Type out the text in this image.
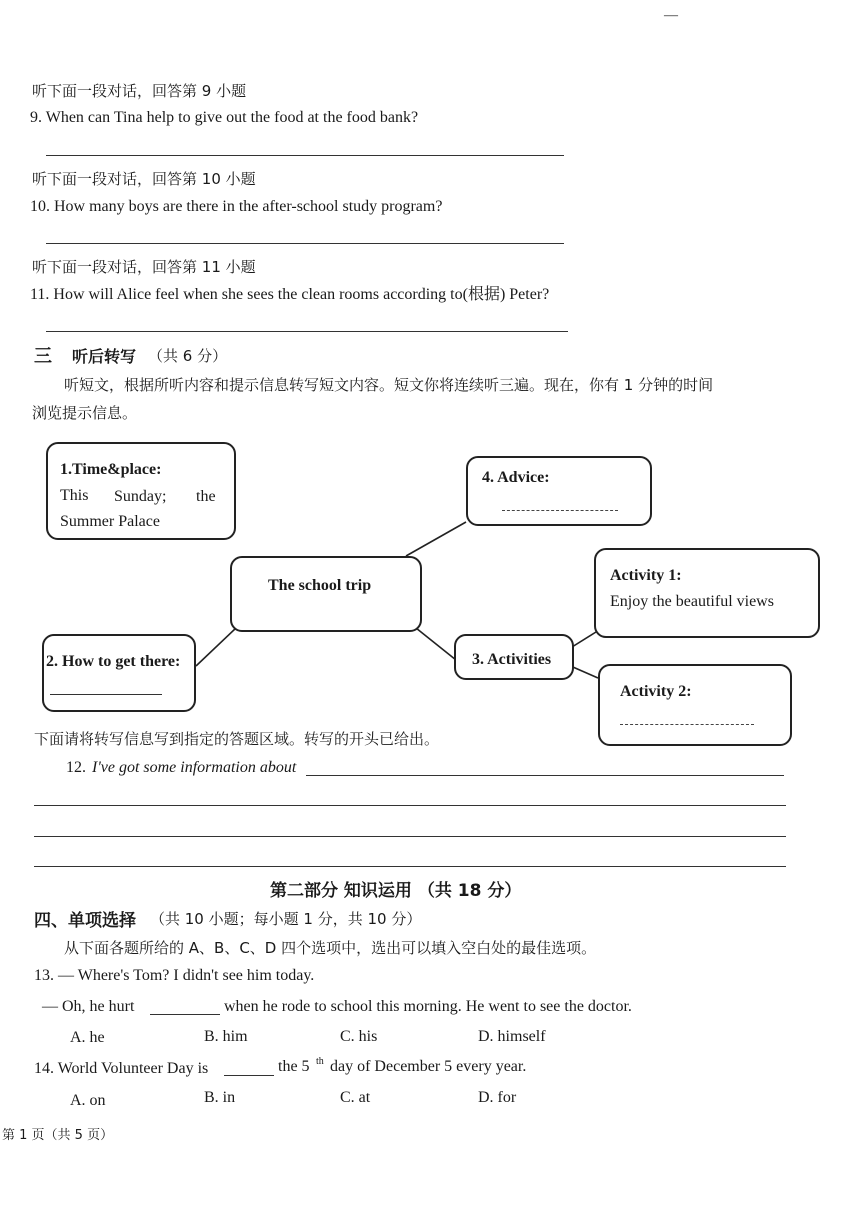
—
听下面一段对话，回答第 9 小题
9. When can Tina help to give out the food at the food bank?
听下面一段对话，回答第 10 小题
10. How many boys are there in the after-school study program?
听下面一段对话，回答第 11 小题
11. How will Alice feel when she sees the clean rooms according to(根据) Peter?
三 听后转写 （共 6 分）
听短文，根据所听内容和提示信息转写短文内容。短文你将连续听三遍。现在，你有 1 分钟的时间
浏览提示信息。
1.Time&place:
This Sunday; the
Summer Palace
4. Advice:
The school trip
Activity 1:
Enjoy the beautiful views
2. How to get there:	3. Activities
Activity 2:
下面请将转写信息写到指定的答题区域。转写的开头已给出。
12. I've got some information about
第二部分 知识运用 （共 18 分）
四、单项选择 （共 10 小题；每小题 1 分，共 10 分）
从下面各题所给的 A、B、C、D 四个选项中，选出可以填入空白处的最佳选项。
13. — Where's Tom? I didn't see him today.
— Oh, he hurt	when he rode to school this morning. He went to see the doctor.
A. he	B. him	C. his	D. himself
14. World Volunteer Day is	the 5 th day of December 5 every year.
A. on	B. in	C. at	D. for
第 1 页（共 5 页）
